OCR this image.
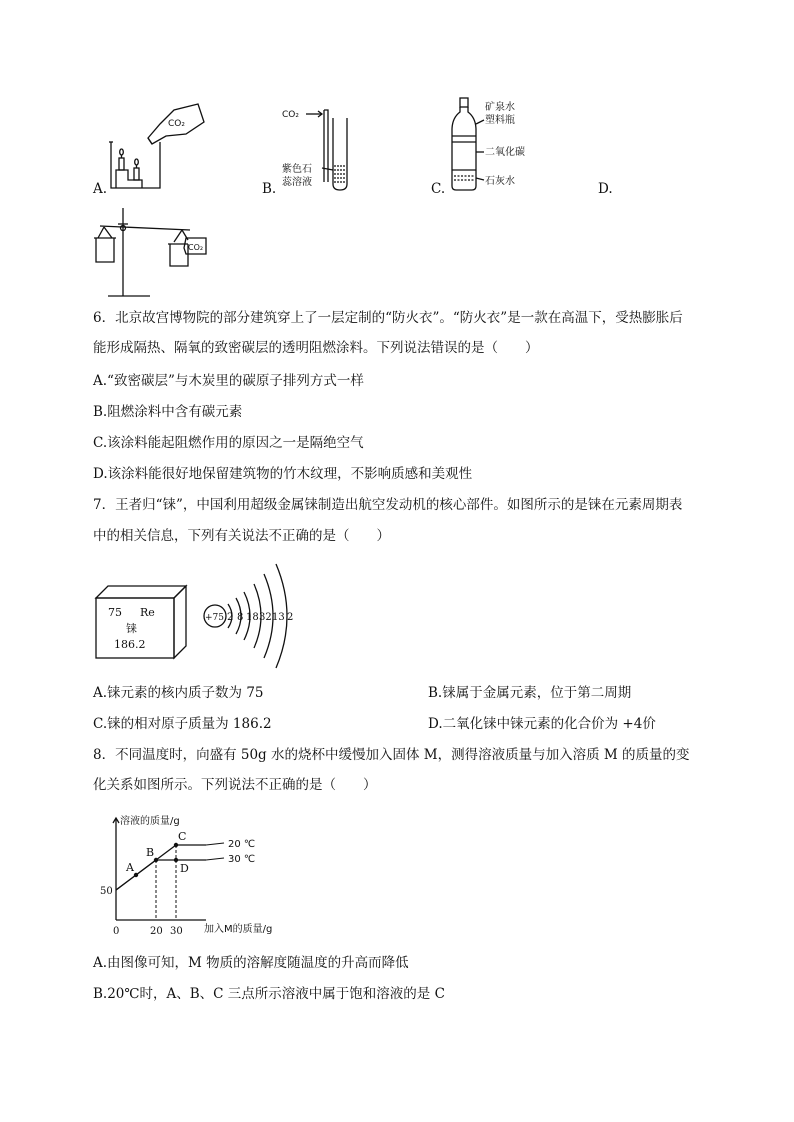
CO₂
A.
CO₂
紫色石
蕊溶液
B.
矿泉水
塑料瓶
二氧化碳
石灰水
C.	D.
CO₂
6．北京故宫博物院的部分建筑穿上了一层定制的“防火衣”。“防火衣”是一款在高温下，受热膨胀后
能形成隔热、隔氧的致密碳层的透明阻燃涂料。下列说法错误的是（　　）
A.“致密碳层”与木炭里的碳原子排列方式一样
B.阻燃涂料中含有碳元素
C.该涂料能起阻燃作用的原因之一是隔绝空气
D.该涂料能很好地保留建筑物的竹木纹理，不影响质感和美观性
7．王者归“铼”，中国利用超级金属铼制造出航空发动机的核心部件。如图所示的是铼在元素周期表
中的相关信息，下列有关说法不正确的是（　　）
75 Re
铼
186.2
+75 2 8 18 32 13 2
A.铼元素的核内质子数为 75	B.铼属于金属元素，位于第二周期
C.铼的相对原子质量为 186.2	D.二氧化铼中铼元素的化合价为 +4价
8．不同温度时，向盛有 50g 水的烧杯中缓慢加入固体 M，测得溶液质量与加入溶质 M 的质量的变
化关系如图所示。下列说法不正确的是（　　）
20 ℃
30 ℃
A
B
C
D
0	20 30
50
溶液的质量/g
加入M的质量/g
A.由图像可知，M 物质的溶解度随温度的升高而降低
B.20℃时，A、B、C 三点所示溶液中属于饱和溶液的是 C
